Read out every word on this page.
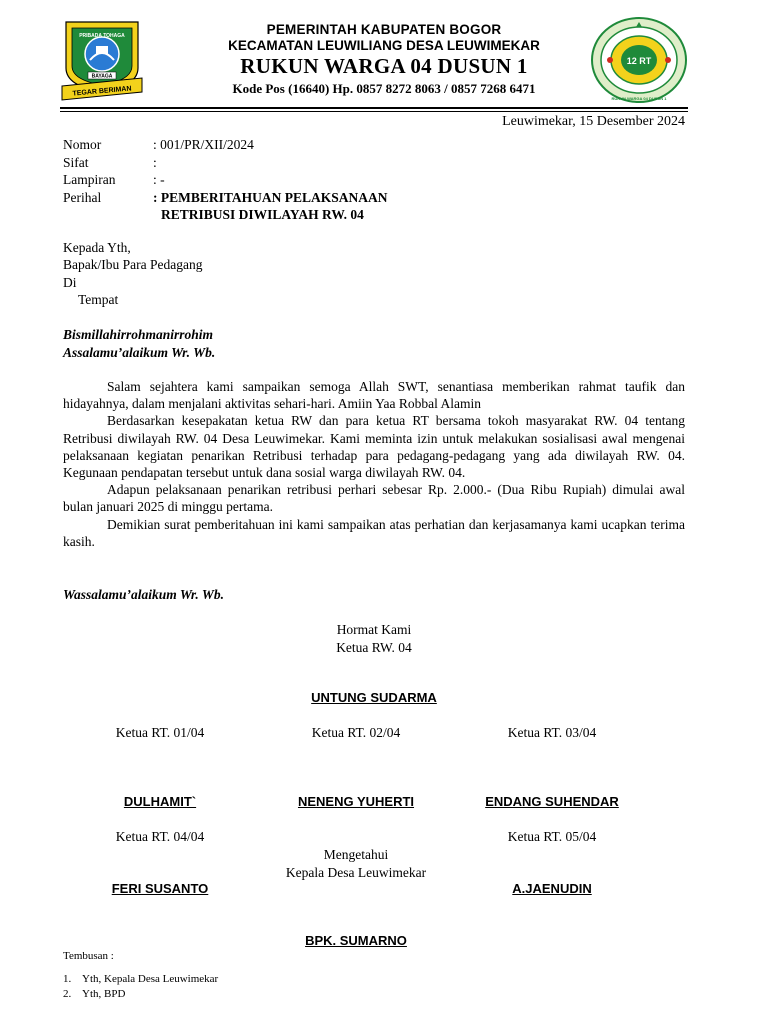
PRIBADA TOHAGA
BAYAGA
TEGAR BERIMAN
12 RT
RUKUN WARGA 04 DUSUN 1
PEMERINTAH KABUPATEN BOGOR
KECAMATAN LEUWILIANG DESA LEUWIMEKAR
RUKUN WARGA 04 DUSUN 1
Kode Pos (16640) Hp. 0857 8272 8063 / 0857 7268 6471
Leuwimekar, 15 Desember 2024
Nomor	: 001/PR/XII/2024
Sifat	:
Lampiran	: -
Perihal	: PEMBERITAHUAN PELAKSANAAN
RETRIBUSI DIWILAYAH RW. 04
Kepada Yth,
Bapak/Ibu Para Pedagang
Di
Tempat
Bismillahirrohmanirrohim
Assalamu’alaikum Wr. Wb.

Salam sejahtera kami sampaikan semoga Allah SWT, senantiasa memberikan rahmat taufik dan hidayahnya, dalam menjalani aktivitas sehari-hari. Amiin Yaa Robbal Alamin

Berdasarkan kesepakatan ketua RW dan para ketua RT bersama tokoh masyarakat RW. 04 tentang Retribusi diwilayah RW. 04 Desa Leuwimekar. Kami meminta izin untuk melakukan sosialisasi awal mengenai pelaksanaan kegiatan penarikan Retribusi terhadap para pedagang-pedagang yang ada diwilayah RW. 04. Kegunaan pendapatan tersebut untuk dana sosial warga diwilayah RW. 04.

Adapun pelaksanaan penarikan retribusi perhari sebesar Rp. 2.000.- (Dua Ribu Rupiah) dimulai awal bulan januari 2025 di minggu pertama.

Demikian surat pemberitahuan ini kami sampaikan atas perhatian dan kerjasamanya kami ucapkan terima kasih.

Wassalamu’alaikum Wr. Wb.
Hormat Kami
Ketua RW. 04
UNTUNG SUDARMA
Ketua RT. 01/04	Ketua RT. 02/04	Ketua RT. 03/04
DULHAMIT`	NENENG YUHERTI	ENDANG SUHENDAR
Ketua RT. 04/04	Ketua RT. 05/04
Mengetahui
Kepala Desa Leuwimekar
FERI SUSANTO	A.JAENUDIN
BPK. SUMARNO
Tembusan :
1. Yth, Kepala Desa Leuwimekar
2. Yth, BPD
